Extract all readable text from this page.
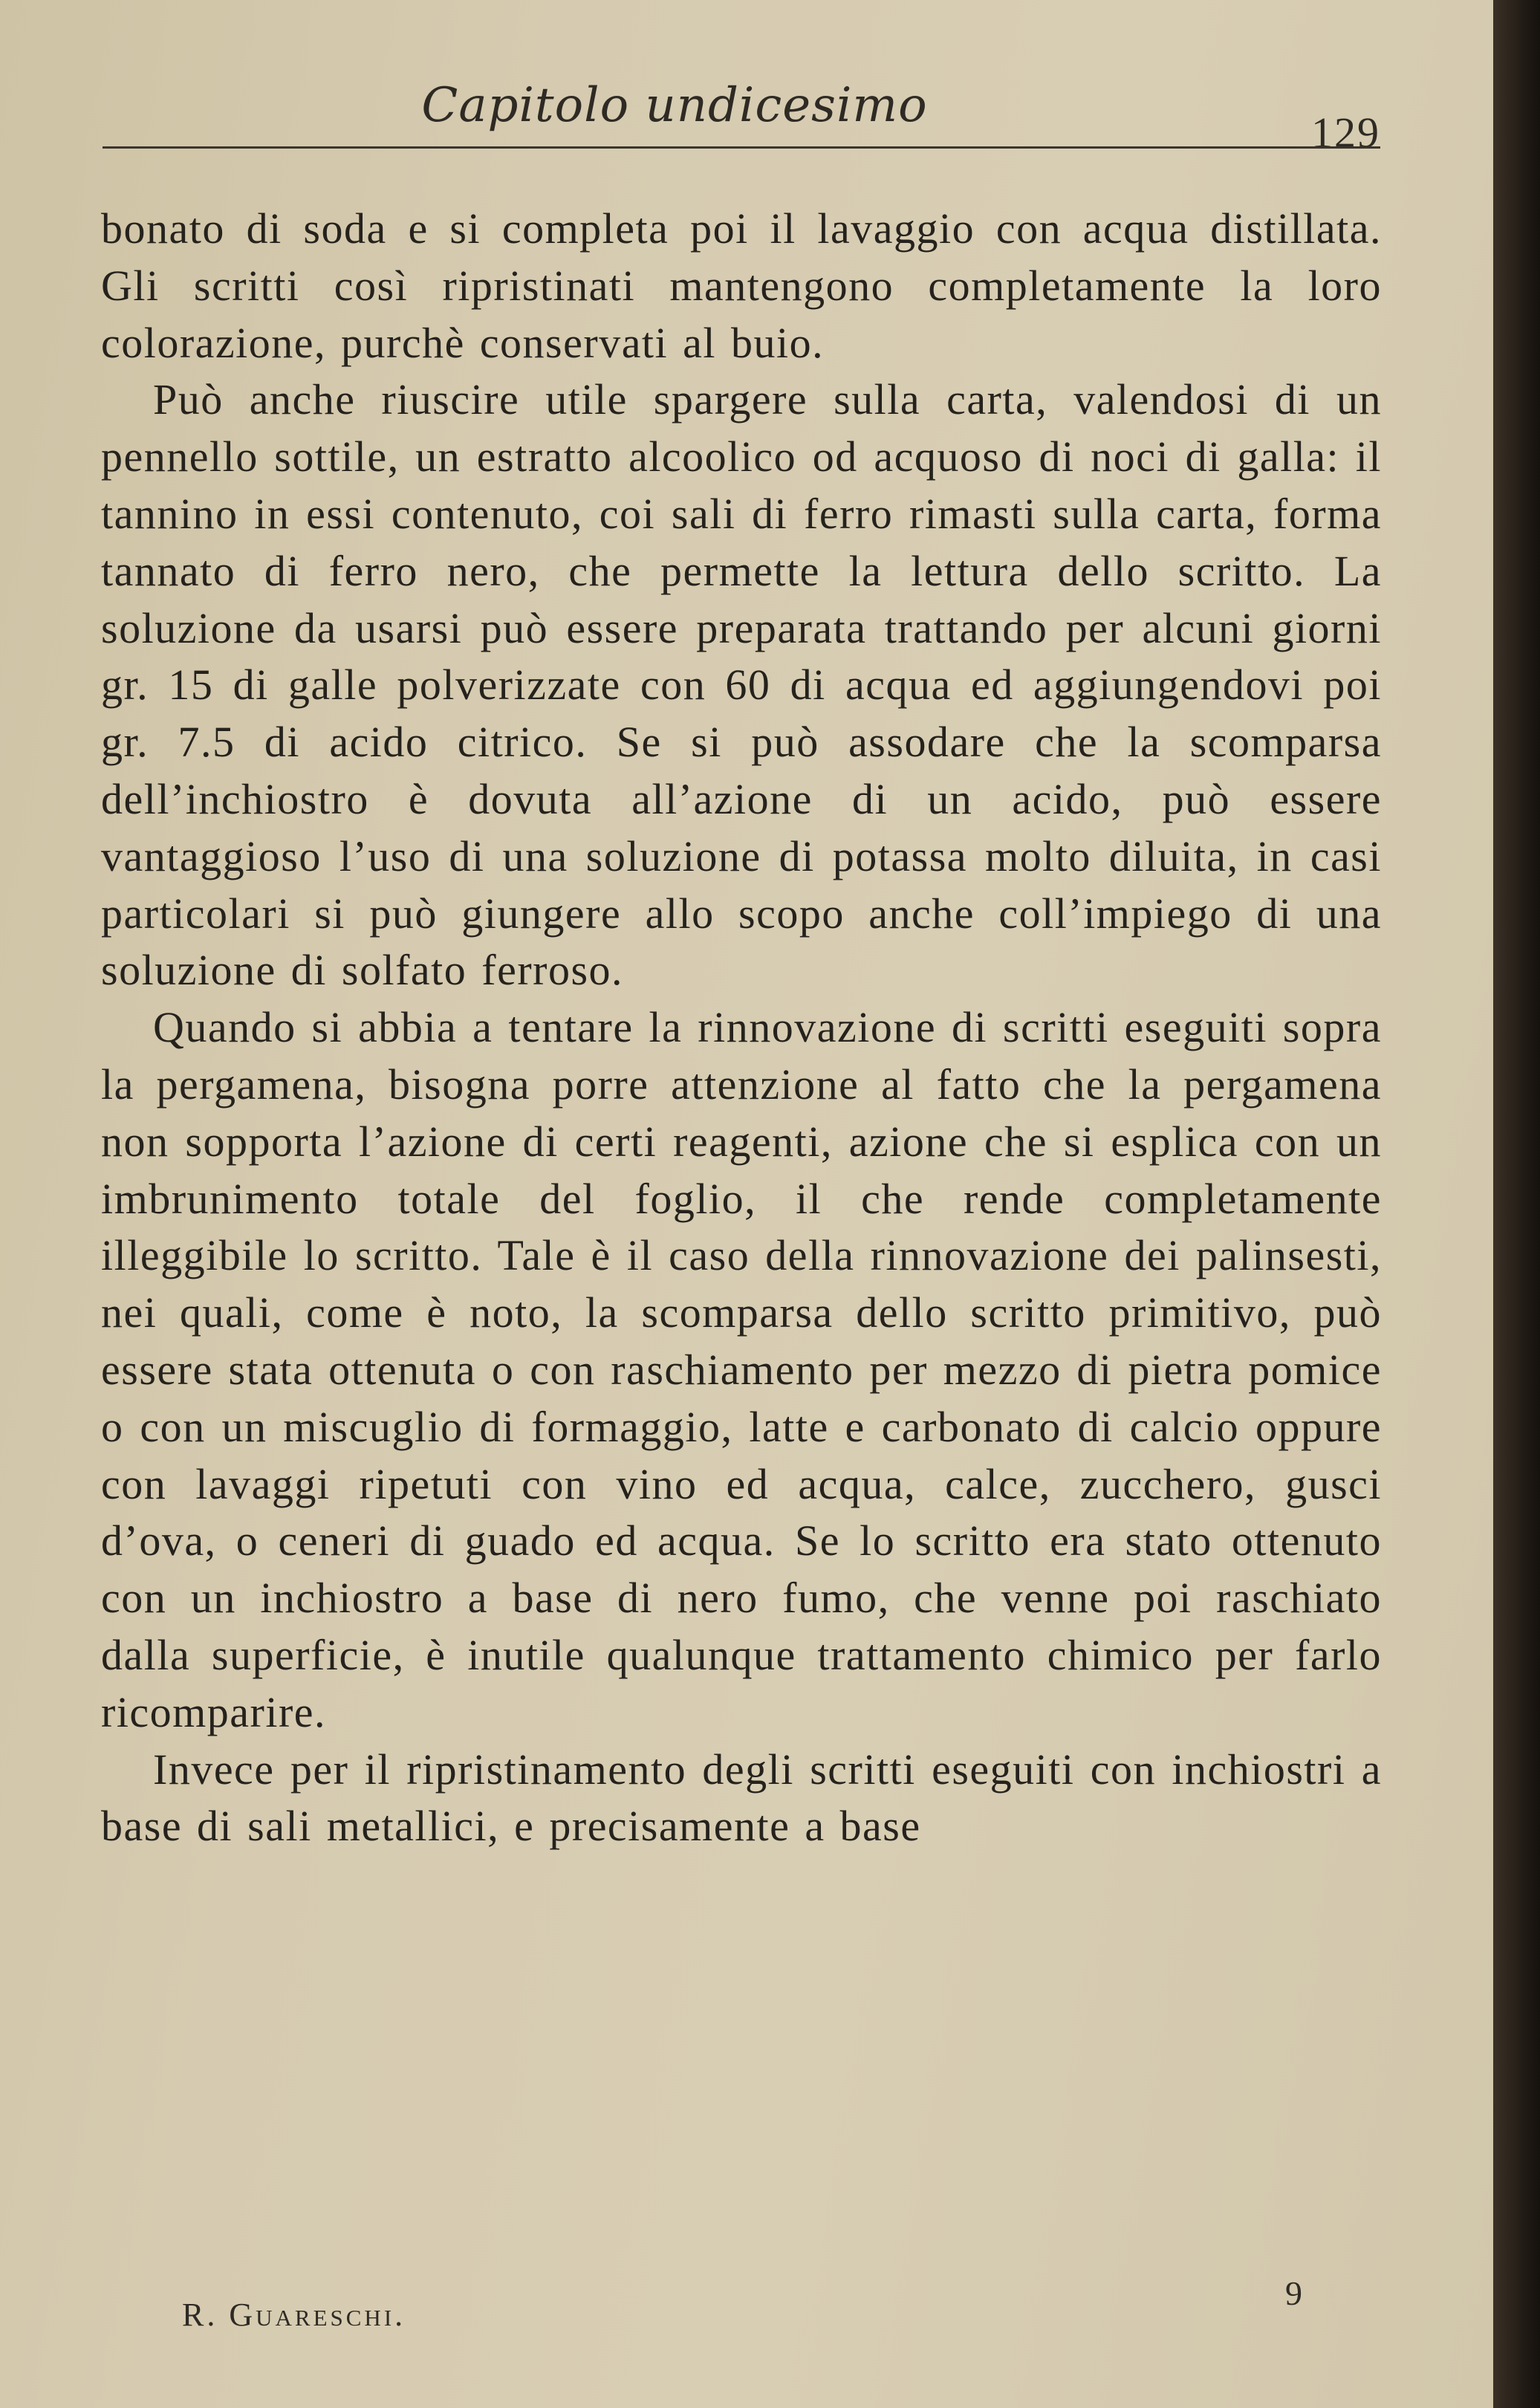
Capitolo undicesimo	129

bonato di soda e si completa poi il lavaggio con acqua distillata. Gli scritti così ripristinati mantengono completamente la loro colorazione, purchè conservati al buio.

Può anche riuscire utile spargere sulla carta, valendosi di un pennello sottile, un estratto alcoolico od acquoso di noci di galla: il tannino in essi contenuto, coi sali di ferro rimasti sulla carta, forma tannato di ferro nero, che permette la lettura dello scritto. La soluzione da usarsi può essere preparata trattando per alcuni giorni gr. 15 di galle polverizzate con 60 di acqua ed aggiungendovi poi gr. 7.5 di acido citrico. Se si può assodare che la scomparsa dell’inchiostro è dovuta all’azione di un acido, può essere vantaggioso l’uso di una soluzione di potassa molto diluita, in casi particolari si può giungere allo scopo anche coll’impiego di una soluzione di solfato ferroso.

Quando si abbia a tentare la rinnovazione di scritti eseguiti sopra la pergamena, bisogna porre attenzione al fatto che la pergamena non sopporta l’azione di certi reagenti, azione che si esplica con un imbrunimento totale del foglio, il che rende completamente illeggibile lo scritto. Tale è il caso della rinnovazione dei palinsesti, nei quali, come è noto, la scomparsa dello scritto primitivo, può essere stata ottenuta o con raschiamento per mezzo di pietra pomice o con un miscuglio di formaggio, latte e carbonato di calcio oppure con lavaggi ripetuti con vino ed acqua, calce, zucchero, gusci d’ova, o ceneri di guado ed acqua. Se lo scritto era stato ottenuto con un inchiostro a base di nero fumo, che venne poi raschiato dalla superficie, è inutile qualunque trattamento chimico per farlo ricomparire.

Invece per il ripristinamento degli scritti eseguiti con inchiostri a base di sali metallici, e precisamente a base

R. Guareschi.
9
